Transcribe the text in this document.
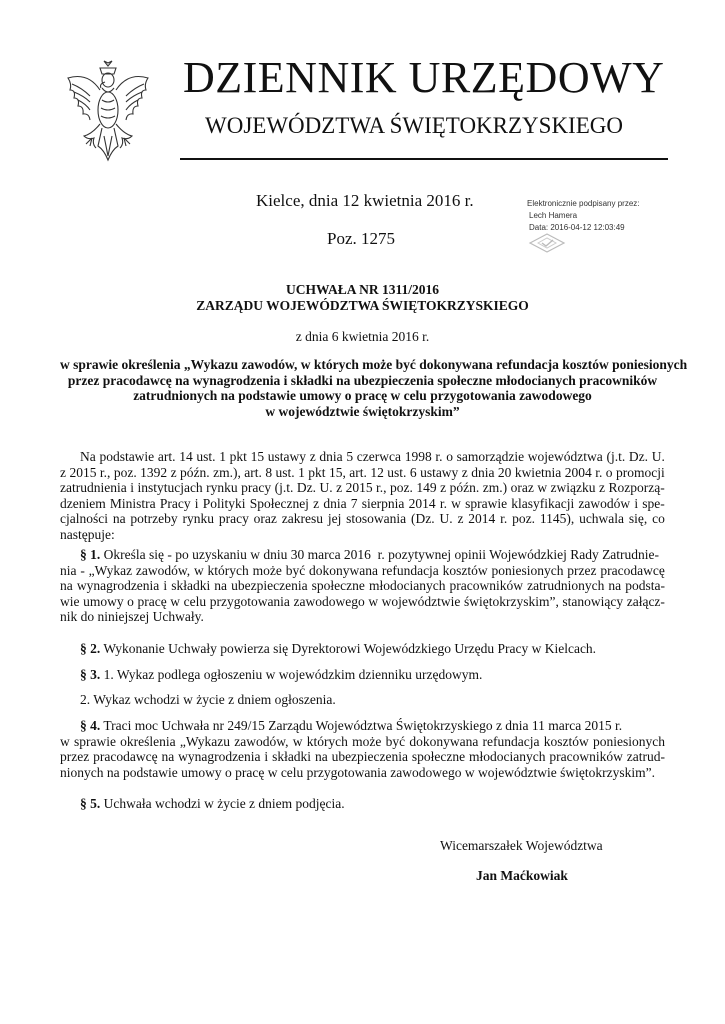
DZIENNIK URZĘDOWY
WOJEWÓDZTWA ŚWIĘTOKRZYSKIEGO
Kielce, dnia 12 kwietnia 2016 r.
Poz. 1275
Elektronicznie podpisany przez:
Lech Hamera
Data: 2016-04-12 12:03:49
UCHWAŁA NR 1311/2016
ZARZĄDU WOJEWÓDZTWA ŚWIĘTOKRZYSKIEGO
z dnia 6 kwietnia 2016 r.
w sprawie określenia „Wykazu zawodów, w których może być dokonywana refundacja kosztów poniesionych
przez pracodawcę na wynagrodzenia i składki na ubezpieczenia społeczne młodocianych pracowników
zatrudnionych na podstawie umowy o pracę w celu przygotowania zawodowego
w województwie świętokrzyskim”
Na podstawie art. 14 ust. 1 pkt 15 ustawy z dnia 5 czerwca 1998 r. o samorządzie województwa (j.t. Dz. U.
z 2015 r., poz. 1392 z późn. zm.), art. 8 ust. 1 pkt 15, art. 12 ust. 6 ustawy z dnia 20 kwietnia 2004 r. o promocji
zatrudnienia i instytucjach rynku pracy (j.t. Dz. U. z 2015 r., poz. 149 z późn. zm.) oraz w związku z Rozporzą-
dzeniem Ministra Pracy i Polityki Społecznej z dnia 7 sierpnia 2014 r. w sprawie klasyfikacji zawodów i spe-
cjalności na potrzeby rynku pracy oraz zakresu jej stosowania (Dz. U. z 2014 r. poz. 1145), uchwala się, co
następuje:
§ 1. Określa się - po uzyskaniu w dniu 30 marca 2016  r. pozytywnej opinii Wojewódzkiej Rady Zatrudnie-
nia - „Wykaz zawodów, w których może być dokonywana refundacja kosztów poniesionych przez pracodawcę
na wynagrodzenia i składki na ubezpieczenia społeczne młodocianych pracowników zatrudnionych na podsta-
wie umowy o pracę w celu przygotowania zawodowego w województwie świętokrzyskim”, stanowiący załącz-
nik do niniejszej Uchwały.
§ 2. Wykonanie Uchwały powierza się Dyrektorowi Wojewódzkiego Urzędu Pracy w Kielcach.
§ 3. 1. Wykaz podlega ogłoszeniu w wojewódzkim dzienniku urzędowym.
2. Wykaz wchodzi w życie z dniem ogłoszenia.
§ 4. Traci moc Uchwała nr 249/15 Zarządu Województwa Świętokrzyskiego z dnia 11 marca 2015 r.
w sprawie określenia „Wykazu zawodów, w których może być dokonywana refundacja kosztów poniesionych
przez pracodawcę na wynagrodzenia i składki na ubezpieczenia społeczne młodocianych pracowników zatrud-
nionych na podstawie umowy o pracę w celu przygotowania zawodowego w województwie świętokrzyskim”.
§ 5. Uchwała wchodzi w życie z dniem podjęcia.
Wicemarszałek Województwa
Jan Maćkowiak
